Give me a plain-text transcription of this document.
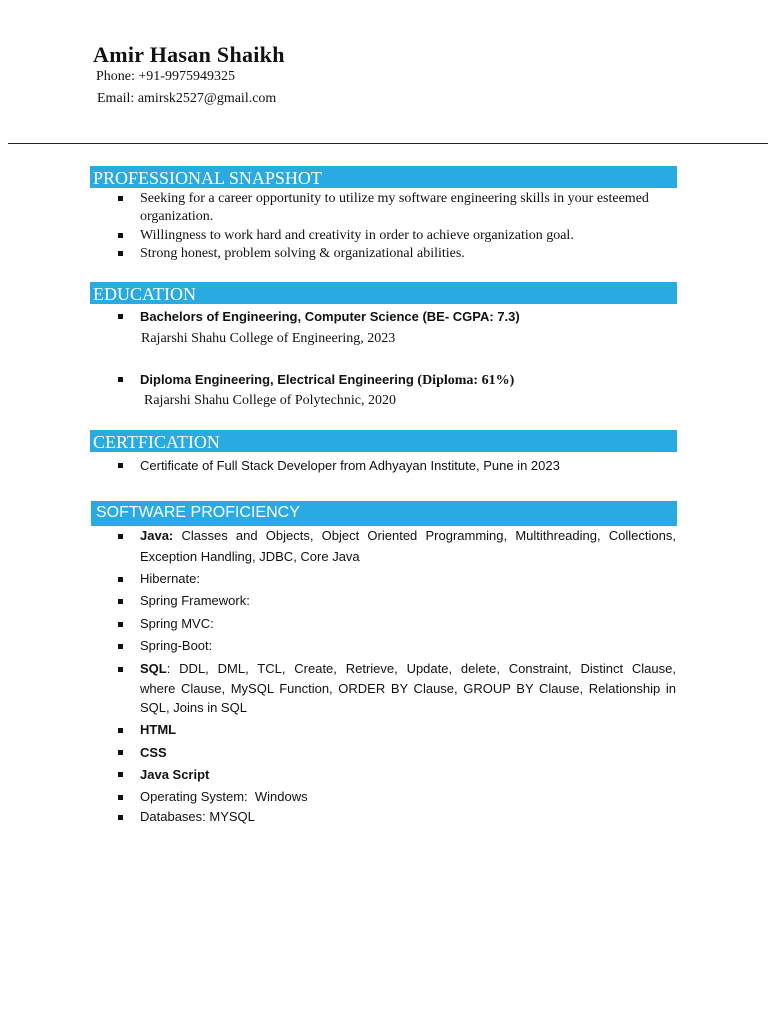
Amir Hasan Shaikh
Phone: +91-9975949325
Email: amirsk2527@gmail.com
PROFESSIONAL SNAPSHOT
Seeking for a career opportunity to utilize my software engineering skills in your esteemed organization.
Willingness to work hard and creativity in order to achieve organization goal.
Strong honest, problem solving & organizational abilities.
EDUCATION
Bachelors of Engineering, Computer Science (BE- CGPA: 7.3)
Rajarshi Shahu College of Engineering, 2023
Diploma Engineering, Electrical Engineering (Diploma: 61%)
Rajarshi Shahu College of Polytechnic, 2020
CERTFICATION
Certificate of Full Stack Developer from Adhyayan Institute, Pune in 2023
SOFTWARE PROFICIENCY
Java: Classes and Objects, Object Oriented Programming, Multithreading, Collections,
Exception Handling, JDBC, Core Java
Hibernate:
Spring Framework:
Spring MVC:
Spring-Boot:
SQL: DDL, DML, TCL, Create, Retrieve, Update, delete, Constraint, Distinct Clause,
where Clause, MySQL Function, ORDER BY Clause, GROUP BY Clause, Relationship in
SQL, Joins in SQL
HTML
CSS
Java Script
Operating System:  Windows
Databases: MYSQL
